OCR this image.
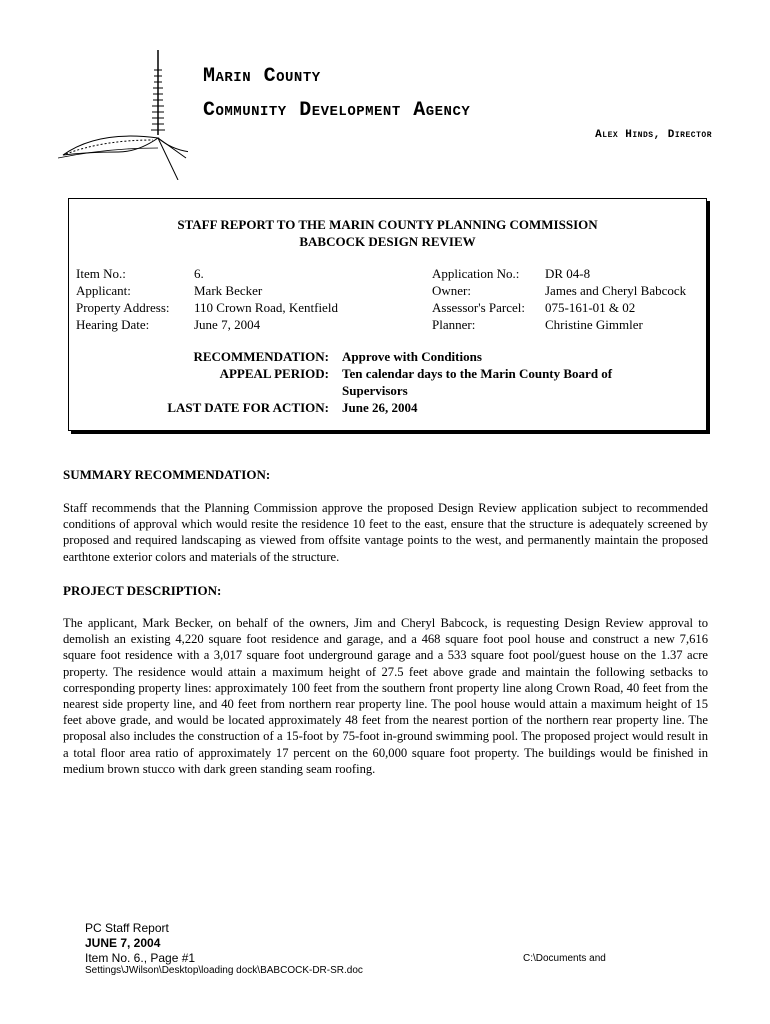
Marin County
Community Development Agency
Alex Hinds, Director
STAFF REPORT TO THE MARIN COUNTY PLANNING COMMISSION
BABCOCK DESIGN REVIEW
Item No.:
Applicant:
Property Address:
Hearing Date:
6.
Mark Becker
110 Crown Road, Kentfield
June 7, 2004
Application No.:
Owner:
Assessor's Parcel:
Planner:
DR 04-8
James and Cheryl Babcock
075-161-01 & 02
Christine Gimmler
RECOMMENDATION: Approve with Conditions
APPEAL PERIOD: Ten calendar days to the Marin County Board of Supervisors
LAST DATE FOR ACTION: June 26, 2004
SUMMARY RECOMMENDATION:
Staff recommends that the Planning Commission approve the proposed Design Review application subject to recommended conditions of approval which would resite the residence 10 feet to the east, ensure that the structure is adequately screened by proposed and required landscaping as viewed from offsite vantage points to the west, and permanently maintain the proposed earthtone exterior colors and materials of the structure.
PROJECT DESCRIPTION:
The applicant, Mark Becker, on behalf of the owners, Jim and Cheryl Babcock, is requesting Design Review approval to demolish an existing 4,220 square foot residence and garage, and a 468 square foot pool house and construct a new 7,616 square foot residence with a 3,017 square foot underground garage and a 533 square foot pool/guest house on the 1.37 acre property. The residence would attain a maximum height of 27.5 feet above grade and maintain the following setbacks to corresponding property lines: approximately 100 feet from the southern front property line along Crown Road, 40 feet from the nearest side property line, and 40 feet from northern rear property line. The pool house would attain a maximum height of 15 feet above grade, and would be located approximately 48 feet from the nearest portion of the northern rear property line. The proposal also includes the construction of a 15-foot by 75-foot in-ground swimming pool. The proposed project would result in a total floor area ratio of approximately 17 percent on the 60,000 square foot property. The buildings would be finished in medium brown stucco with dark green standing seam roofing.
PC Staff Report
JUNE 7, 2004
Item No. 6., Page #1
Settings\JWilson\Desktop\loading dock\BABCOCK-DR-SR.doc
C:\Documents and
